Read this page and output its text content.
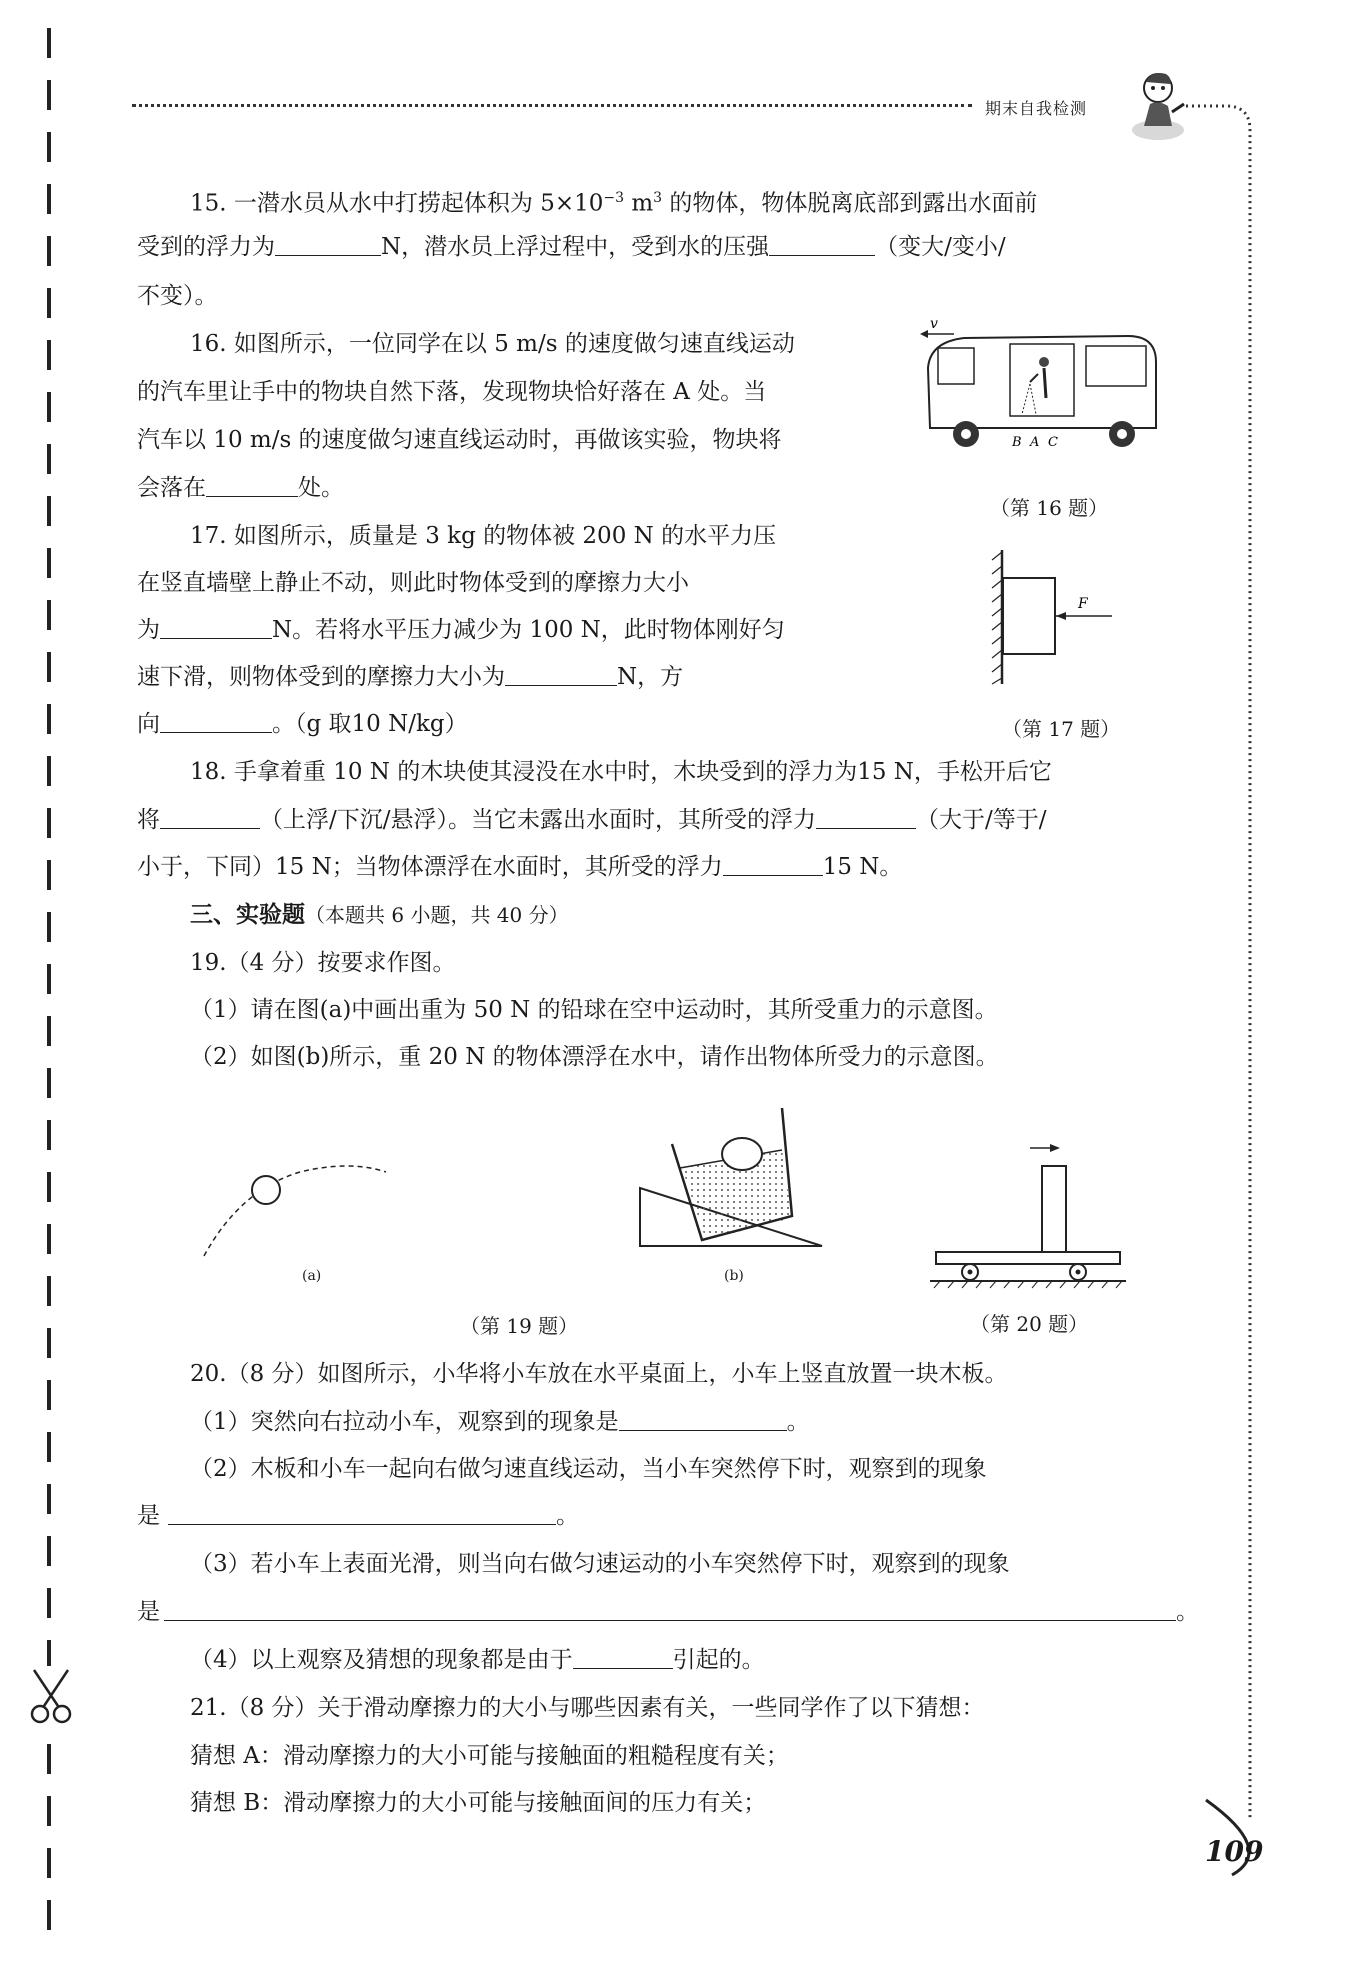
期末自我检测
109
15. 一潜水员从水中打捞起体积为 $5\times 10^{-3}$ $m^3$ 的物体，物体脱离底部到露出水面前
受到的浮力为	N，潜水员上浮过程中，受到水的压强	（变大/变小/
不变）。
16. 如图所示，一位同学在以 5 m/s 的速度做匀速直线运动
的汽车里让手中的物块自然下落，发现物块恰好落在 A 处。当
汽车以 10 m/s 的速度做匀速直线运动时，再做该实验，物块将
会落在	处。
v
B A C
（第 16 题）
17. 如图所示，质量是 3 kg 的物体被 200 N 的水平力压
在竖直墙壁上静止不动，则此时物体受到的摩擦力大小
为	N。若将水平压力减少为 100 N，此时物体刚好匀
速下滑，则物体受到的摩擦力大小为	N，方
向	。（g 取10 N/kg）
F
（第 17 题）
18. 手拿着重 10 N 的木块使其浸没在水中时，木块受到的浮力为15 N，手松开后它
将	（上浮/下沉/悬浮）。当它未露出水面时，其所受的浮力	（大于/等于/
小于，下同）15 N；当物体漂浮在水面时，其所受的浮力	15 N。
三、实验题（本题共 6 小题，共 40 分）
19.（4 分）按要求作图。
（1）请在图(a)中画出重为 50 N 的铅球在空中运动时，其所受重力的示意图。
（2）如图(b)所示，重 20 N 的物体漂浮在水中，请作出物体所受力的示意图。
(a)	(b)
（第 19 题）	（第 20 题）
20.（8 分）如图所示，小华将小车放在水平桌面上，小车上竖直放置一块木板。
（1）突然向右拉动小车，观察到的现象是	。
（2）木板和小车一起向右做匀速直线运动，当小车突然停下时，观察到的现象
是	。
（3）若小车上表面光滑，则当向右做匀速运动的小车突然停下时，观察到的现象
是	。
（4）以上观察及猜想的现象都是由于	引起的。
21.（8 分）关于滑动摩擦力的大小与哪些因素有关，一些同学作了以下猜想：
猜想 A：滑动摩擦力的大小可能与接触面的粗糙程度有关；
猜想 B：滑动摩擦力的大小可能与接触面间的压力有关；
